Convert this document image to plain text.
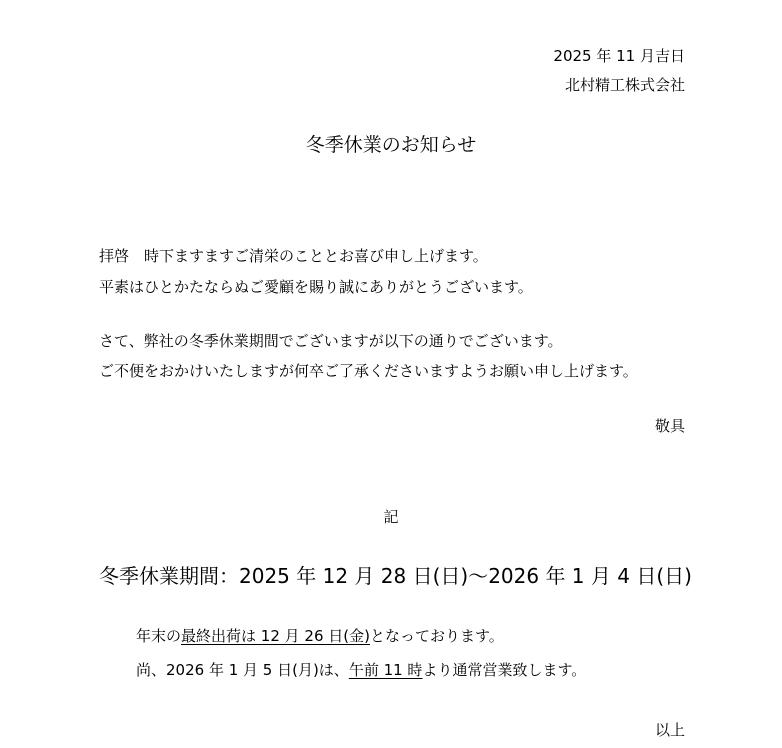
2025 年 11 月吉日
北村精工株式会社
冬季休業のお知らせ
拝啓　時下ますますご清栄のこととお喜び申し上げます。
平素はひとかたならぬご愛顧を賜り誠にありがとうございます。
さて、弊社の冬季休業期間でございますが以下の通りでございます。
ご不便をおかけいたしますが何卒ご了承くださいますようお願い申し上げます。
敬具
記
冬季休業期間：2025 年 12 月 28 日(日)～2026 年 1 月 4 日(日)
年末の最終出荷は 12 月 26 日(金)となっております。
尚、2026 年 1 月 5 日(月)は、午前 11 時より通常営業致します。
以上
